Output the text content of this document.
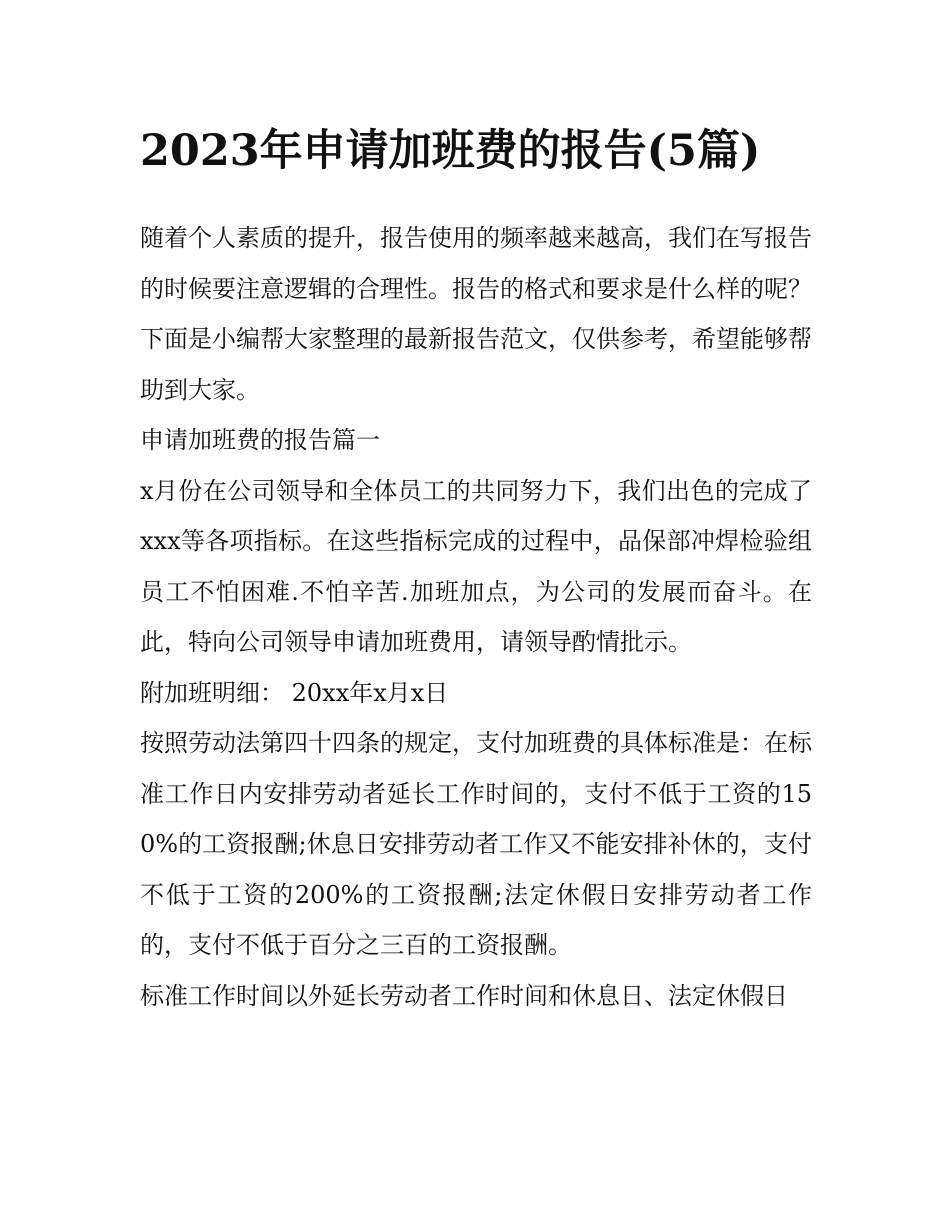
2023年申请加班费的报告(5篇)

随着个人素质的提升，报告使用的频率越来越高，我们在写报告的时候要注意逻辑的合理性。报告的格式和要求是什么样的呢？下面是小编帮大家整理的最新报告范文，仅供参考，希望能够帮助到大家。

申请加班费的报告篇一

x月份在公司领导和全体员工的共同努力下，我们出色的完成了xxx等各项指标。在这些指标完成的过程中，品保部冲焊检验组员工不怕困难.不怕辛苦.加班加点，为公司的发展而奋斗。在此，特向公司领导申请加班费用，请领导酌情批示。

附加班明细： 20xx年x月x日

按照劳动法第四十四条的规定，支付加班费的具体标准是：在标准工作日内安排劳动者延长工作时间的，支付不低于工资的150%的工资报酬;休息日安排劳动者工作又不能安排补休的，支付不低于工资的200%的工资报酬;法定休假日安排劳动者工作的，支付不低于百分之三百的工资报酬。

标准工作时间以外延长劳动者工作时间和休息日、法定休假日
